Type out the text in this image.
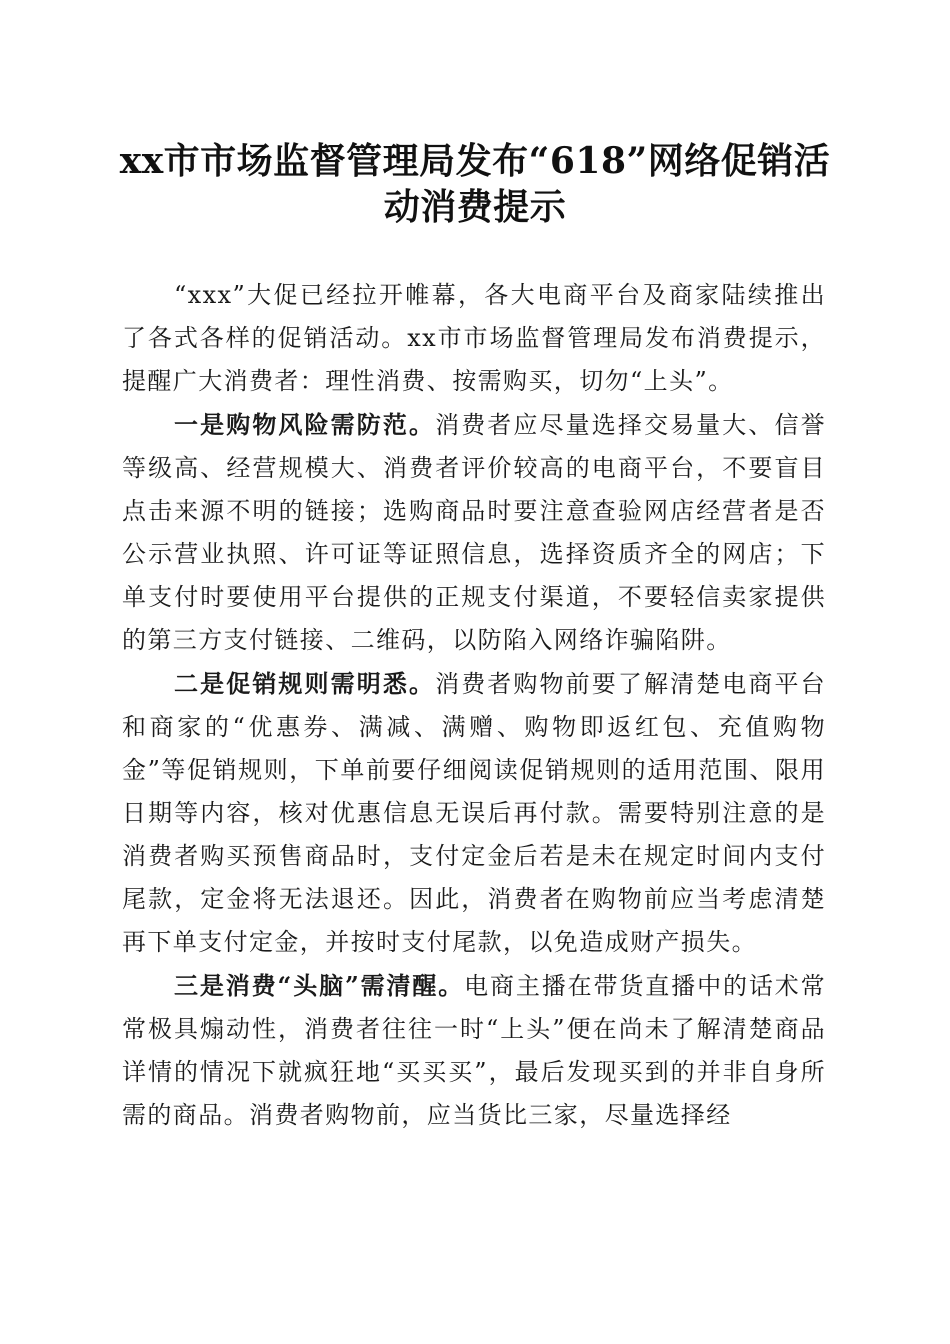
xx市市场监督管理局发布“618”网络促销活
动消费提示

“xxx”大促已经拉开帷幕，各大电商平台及商家陆续推出了各式各样的促销活动。xx市市场监督管理局发布消费提示，提醒广大消费者：理性消费、按需购买，切勿“上头”。

一是购物风险需防范。消费者应尽量选择交易量大、信誉等级高、经营规模大、消费者评价较高的电商平台，不要盲目点击来源不明的链接；选购商品时要注意查验网店经营者是否公示营业执照、许可证等证照信息，选择资质齐全的网店；下单支付时要使用平台提供的正规支付渠道，不要轻信卖家提供的第三方支付链接、二维码，以防陷入网络诈骗陷阱。

二是促销规则需明悉。消费者购物前要了解清楚电商平台和商家的“优惠券、满减、满赠、购物即返红包、充值购物金”等促销规则，下单前要仔细阅读促销规则的适用范围、限用日期等内容，核对优惠信息无误后再付款。需要特别注意的是消费者购买预售商品时，支付定金后若是未在规定时间内支付尾款，定金将无法退还。因此，消费者在购物前应当考虑清楚再下单支付定金，并按时支付尾款，以免造成财产损失。

三是消费“头脑”需清醒。电商主播在带货直播中的话术常常极具煽动性，消费者往往一时“上头”便在尚未了解清楚商品详情的情况下就疯狂地“买买买”，最后发现买到的并非自身所需的商品。消费者购物前，应当货比三家，尽量选择经
